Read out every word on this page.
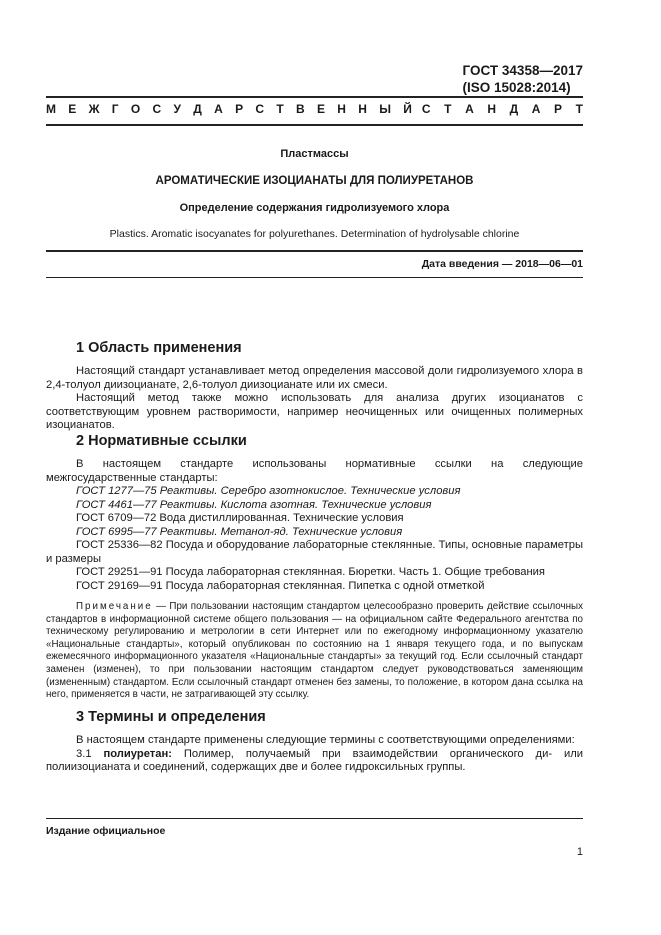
ГОСТ 34358—2017
(ISO 15028:2014)
М Е Ж Г О С У Д А Р С Т В Е Н Н Ы Й С Т А Н Д А Р Т
Пластмассы
АРОМАТИЧЕСКИЕ ИЗОЦИАНАТЫ ДЛЯ ПОЛИУРЕТАНОВ
Определение содержания гидролизуемого хлора
Plastics. Aromatic isocyanates for polyurethanes. Determination of hydrolysable chlorine
Дата введения — 2018—06—01
1 Область применения

Настоящий стандарт устанавливает метод определения массовой доли гидролизуемого хлора в 2,4-толуол диизоцианате, 2,6-толуол диизоцианате или их смеси.

Настоящий метод также можно использовать для анализа других изоцианатов с соответствующим уровнем растворимости, например неочищенных или очищенных полимерных изоцианатов.

2 Нормативные ссылки

В настоящем стандарте использованы нормативные ссылки на следующие межгосударственные стандарты:

ГОСТ 1277—75 Реактивы. Серебро азотнокислое. Технические условия
ГОСТ 4461—77 Реактивы. Кислота азотная. Технические условия
ГОСТ 6709—72 Вода дистиллированная. Технические условия
ГОСТ 6995—77 Реактивы. Метанол-яд. Технические условия

ГОСТ 25336—82 Посуда и оборудование лабораторные стеклянные. Типы, основные параметры и размеры

ГОСТ 29251—91 Посуда лабораторная стеклянная. Бюретки. Часть 1. Общие требования
ГОСТ 29169—91 Посуда лабораторная стеклянная. Пипетка с одной отметкой

Примечание — При пользовании настоящим стандартом целесообразно проверить действие ссылочных стандартов в информационной системе общего пользования — на официальном сайте Федерального агентства по техническому регулированию и метрологии в сети Интернет или по ежегодному информационному указателю «Национальные стандарты», который опубликован по состоянию на 1 января текущего года, и по выпускам ежемесячного информационного указателя «Национальные стандарты» за текущий год. Если ссылочный стандарт заменен (изменен), то при пользовании настоящим стандартом следует руководствоваться заменяющим (измененным) стандартом. Если ссылочный стандарт отменен без замены, то положение, в котором дана ссылка на него, применяется в части, не затрагивающей эту ссылку.

3 Термины и определения

В настоящем стандарте применены следующие термины с соответствующими определениями:

3.1 полиуретан: Полимер, получаемый при взаимодействии органического ди- или полиизоцианата и соединений, содержащих две и более гидроксильных группы.

Издание официальное
1
